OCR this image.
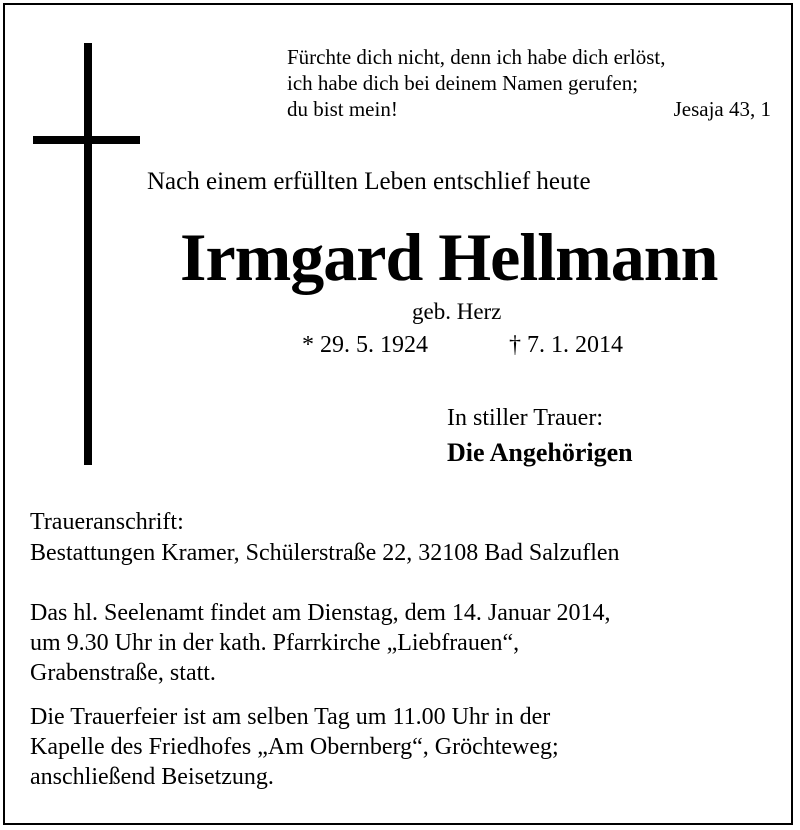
Fürchte dich nicht, denn ich habe dich erlöst,
ich habe dich bei deinem Namen gerufen;
du bist mein!	Jesaja 43, 1
Nach einem erfüllten Leben entschlief heute
Irmgard Hellmann
geb. Herz
* 29. 5. 1924	† 7. 1. 2014
In stiller Trauer:
Die Angehörigen
Traueranschrift:
Bestattungen Kramer, Schülerstraße 22, 32108 Bad Salzuflen
Das hl. Seelenamt findet am Dienstag, dem 14. Januar 2014,
um 9.30 Uhr in der kath. Pfarrkirche „Liebfrauen“,
Grabenstraße, statt.
Die Trauerfeier ist am selben Tag um 11.00 Uhr in der
Kapelle des Friedhofes „Am Obernberg“, Gröchteweg;
anschließend Beisetzung.
